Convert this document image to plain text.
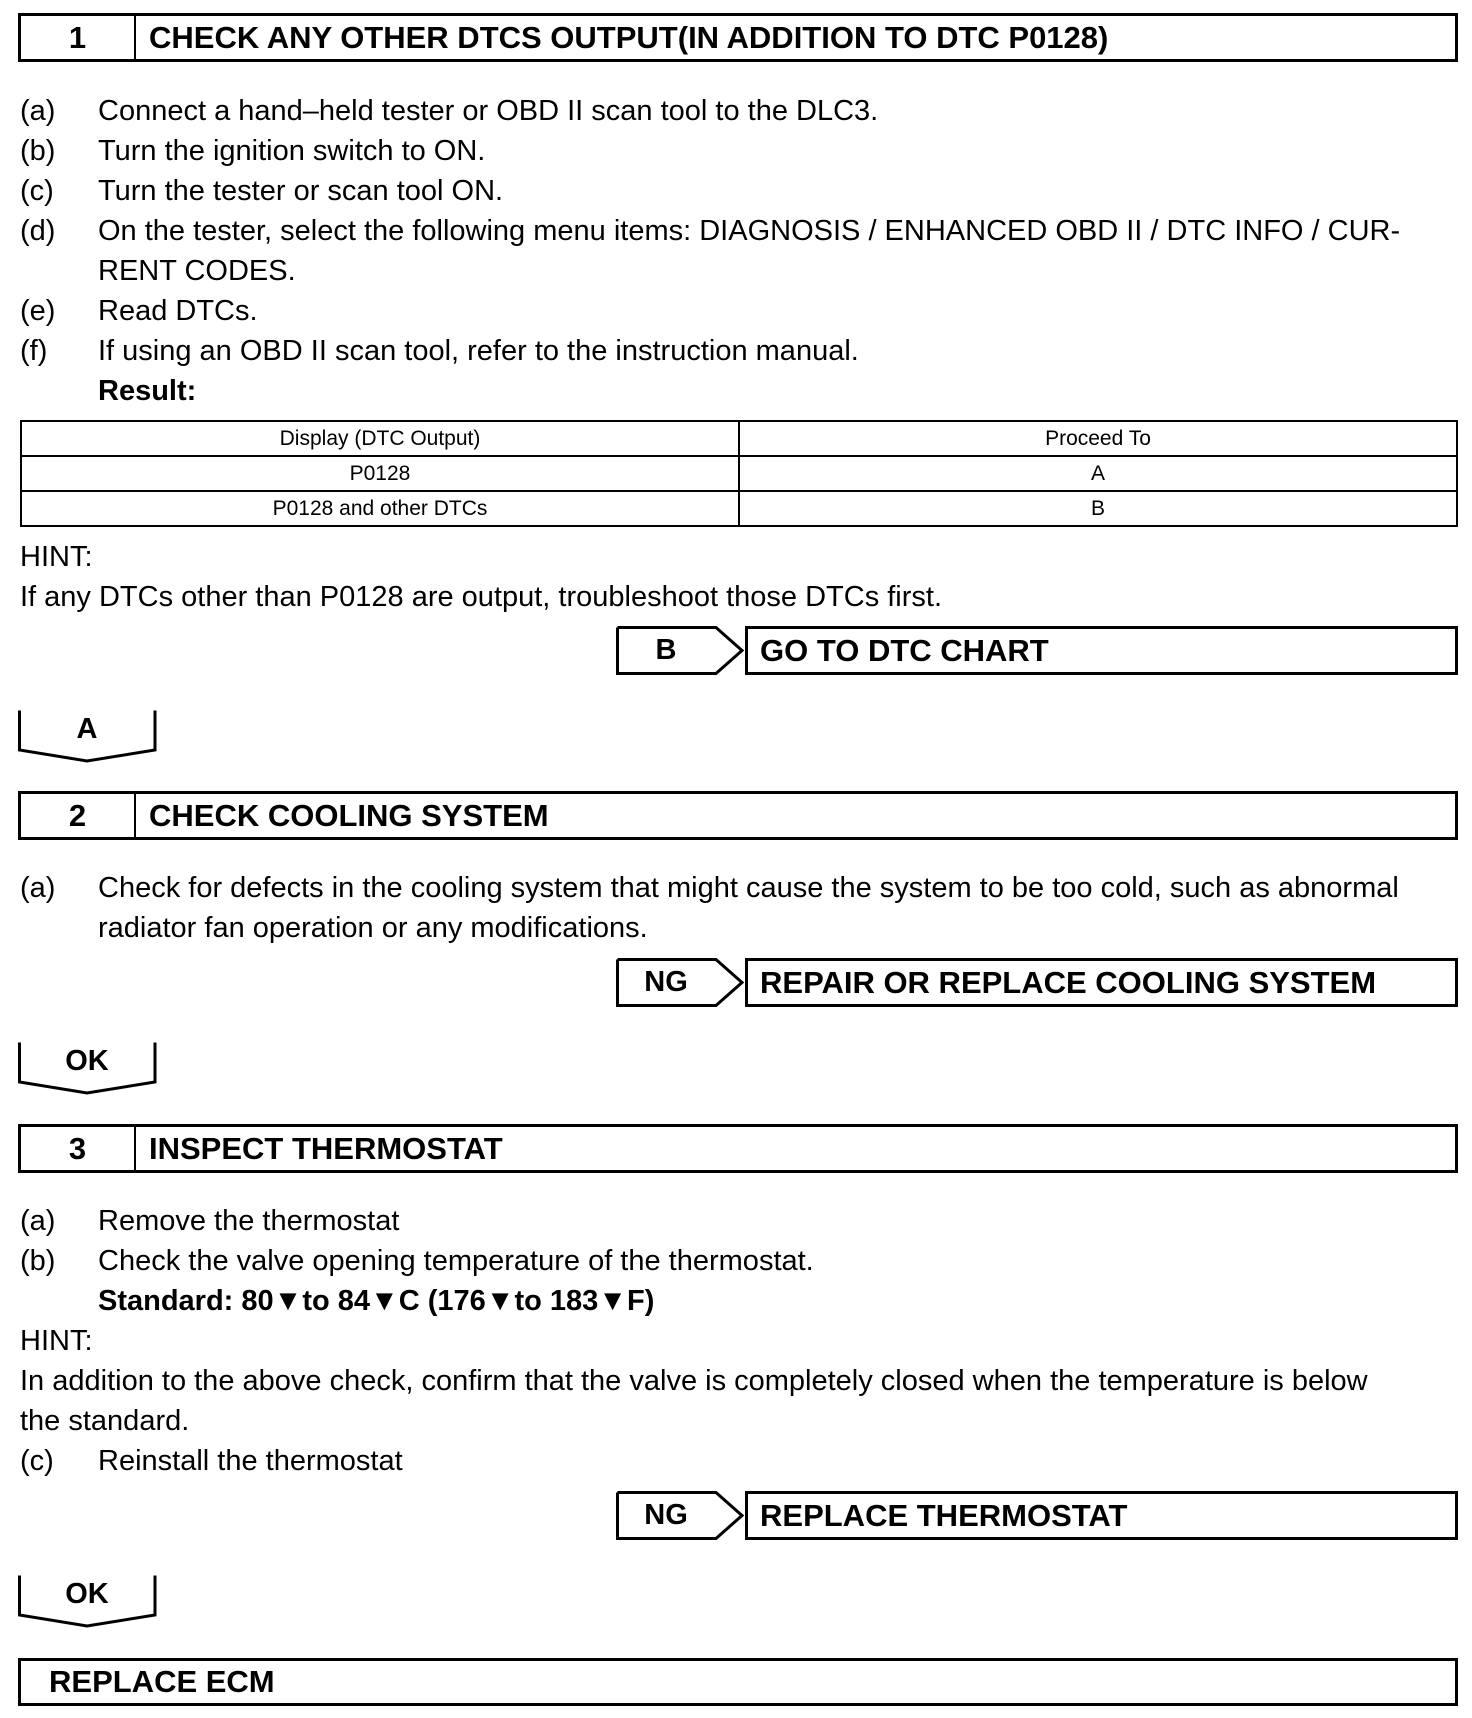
1	CHECK ANY OTHER DTCS OUTPUT(IN ADDITION TO DTC P0128)
(a) Connect a hand–held tester or OBD II scan tool to the DLC3.
(b) Turn the ignition switch to ON.
(c) Turn the tester or scan tool ON.
(d) On the tester, select the following menu items: DIAGNOSIS / ENHANCED OBD II / DTC INFO / CUR-
RENT CODES.
(e) Read DTCs.
(f) If using an OBD II scan tool, refer to the instruction manual.
Result:
Display (DTC Output)	Proceed To
P0128	A
P0128 and other DTCs	B
HINT:
If any DTCs other than P0128 are output, troubleshoot those DTCs first.
B	GO TO DTC CHART
A
2	CHECK COOLING SYSTEM
(a) Check for defects in the cooling system that might cause the system to be too cold, such as abnormal
radiator fan operation or any modifications.
NG	REPAIR OR REPLACE COOLING SYSTEM
OK
3	INSPECT THERMOSTAT
(a) Remove the thermostat
(b) Check the valve opening temperature of the thermostat.
Standard: 80▼to 84▼C (176▼to 183▼F)
HINT:
In addition to the above check, confirm that the valve is completely closed when the temperature is below
the standard.
(c) Reinstall the thermostat
NG	REPLACE THERMOSTAT
OK
REPLACE ECM
